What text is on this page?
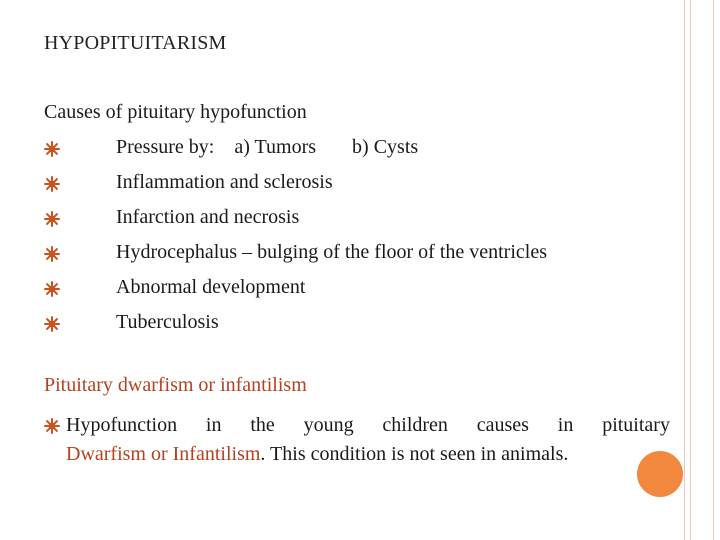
HYPOPITUITARISM
Causes of pituitary hypofunction
Pressure by: a) Tumors b) Cysts
Inflammation and sclerosis
Infarction and necrosis
Hydrocephalus – bulging of the floor of the ventricles
Abnormal development
Tuberculosis
Pituitary dwarfism or infantilism
Hypofunction in the young children causes in pituitary
Dwarfism or Infantilism. This condition is not seen in animals.
